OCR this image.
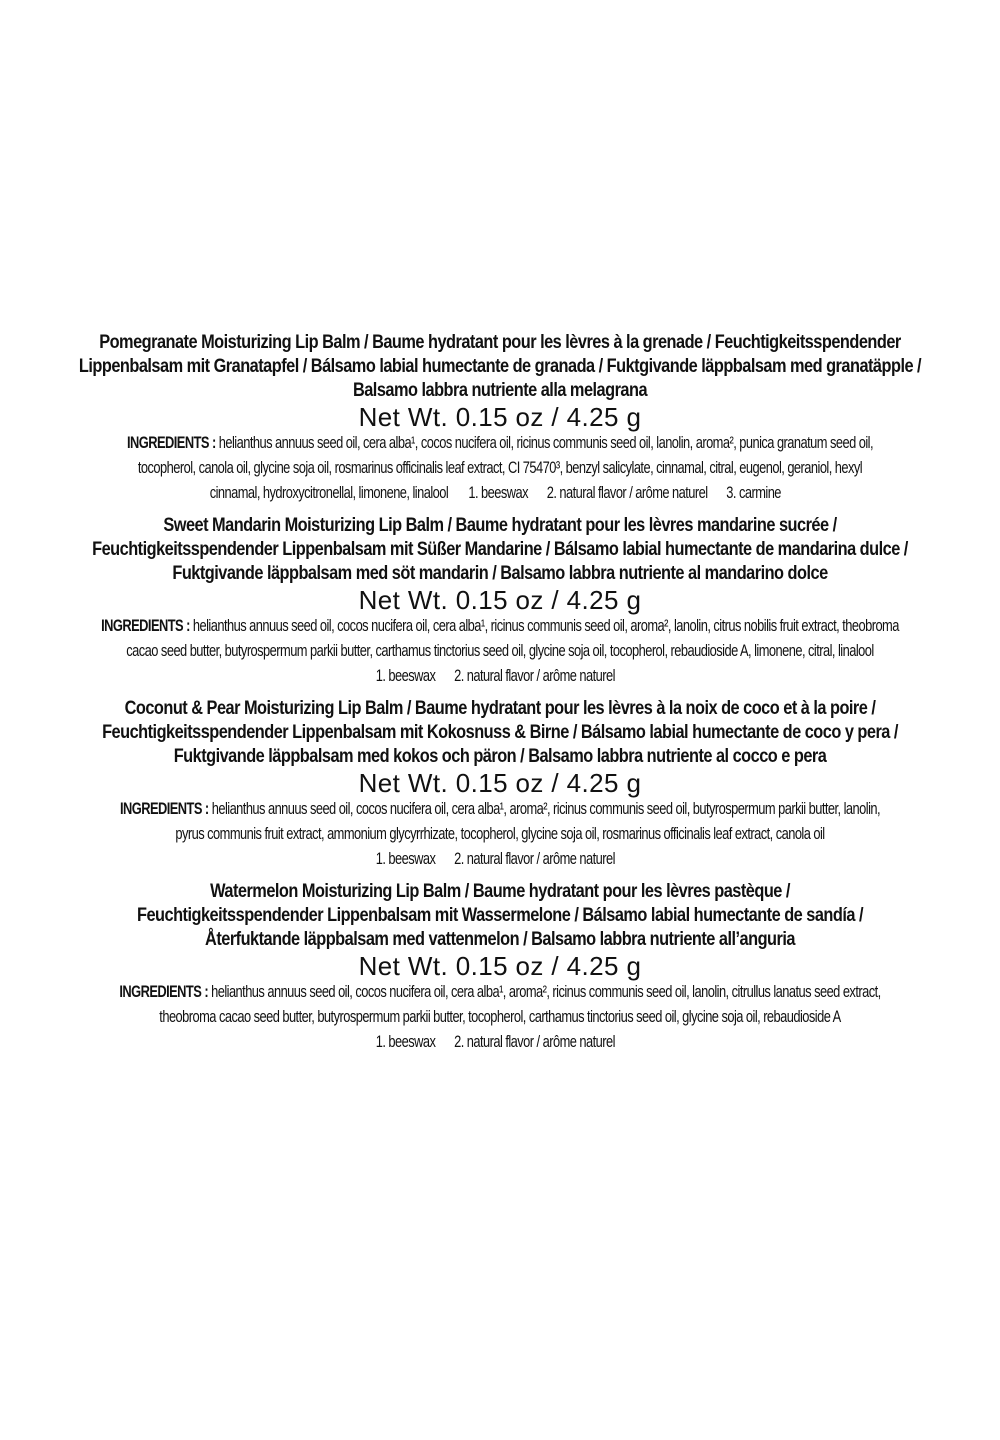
Pomegranate Moisturizing Lip Balm / Baume hydratant pour les lèvres à la grenade / Feuchtigkeitsspendender
Lippenbalsam mit Granatapfel / Bálsamo labial humectante de granada / Fuktgivande läppbalsam med granatäpple /
Balsamo labbra nutriente alla melagrana
Net Wt. 0.15 oz / 4.25 g
INGREDIENTS : helianthus annuus seed oil, cera alba¹, cocos nucifera oil, ricinus communis seed oil, lanolin, aroma², punica granatum seed oil,
tocopherol, canola oil, glycine soja oil, rosmarinus officinalis leaf extract, CI 75470³, benzyl salicylate, cinnamal, citral, eugenol, geraniol, hexyl
cinnamal, hydroxycitronellal, limonene, linalool 1. beeswax 2. natural flavor / arôme naturel 3. carmine
Sweet Mandarin Moisturizing Lip Balm / Baume hydratant pour les lèvres mandarine sucrée /
Feuchtigkeitsspendender Lippenbalsam mit Süßer Mandarine / Bálsamo labial humectante de mandarina dulce /
Fuktgivande läppbalsam med söt mandarin / Balsamo labbra nutriente al mandarino dolce
Net Wt. 0.15 oz / 4.25 g
INGREDIENTS : helianthus annuus seed oil, cocos nucifera oil, cera alba¹, ricinus communis seed oil, aroma², lanolin, citrus nobilis fruit extract, theobroma
cacao seed butter, butyrospermum parkii butter, carthamus tinctorius seed oil, glycine soja oil, tocopherol, rebaudioside A, limonene, citral, linalool
1. beeswax 2. natural flavor / arôme naturel
Coconut & Pear Moisturizing Lip Balm / Baume hydratant pour les lèvres à la noix de coco et à la poire /
Feuchtigkeitsspendender Lippenbalsam mit Kokosnuss & Birne / Bálsamo labial humectante de coco y pera /
Fuktgivande läppbalsam med kokos och päron / Balsamo labbra nutriente al cocco e pera
Net Wt. 0.15 oz / 4.25 g
INGREDIENTS : helianthus annuus seed oil, cocos nucifera oil, cera alba¹, aroma², ricinus communis seed oil, butyrospermum parkii butter, lanolin,
pyrus communis fruit extract, ammonium glycyrrhizate, tocopherol, glycine soja oil, rosmarinus officinalis leaf extract, canola oil
1. beeswax 2. natural flavor / arôme naturel
Watermelon Moisturizing Lip Balm / Baume hydratant pour les lèvres pastèque /
Feuchtigkeitsspendender Lippenbalsam mit Wassermelone / Bálsamo labial humectante de sandía /
Återfuktande läppbalsam med vattenmelon / Balsamo labbra nutriente all’anguria
Net Wt. 0.15 oz / 4.25 g
INGREDIENTS : helianthus annuus seed oil, cocos nucifera oil, cera alba¹, aroma², ricinus communis seed oil, lanolin, citrullus lanatus seed extract,
theobroma cacao seed butter, butyrospermum parkii butter, tocopherol, carthamus tinctorius seed oil, glycine soja oil, rebaudioside A
1. beeswax 2. natural flavor / arôme naturel
